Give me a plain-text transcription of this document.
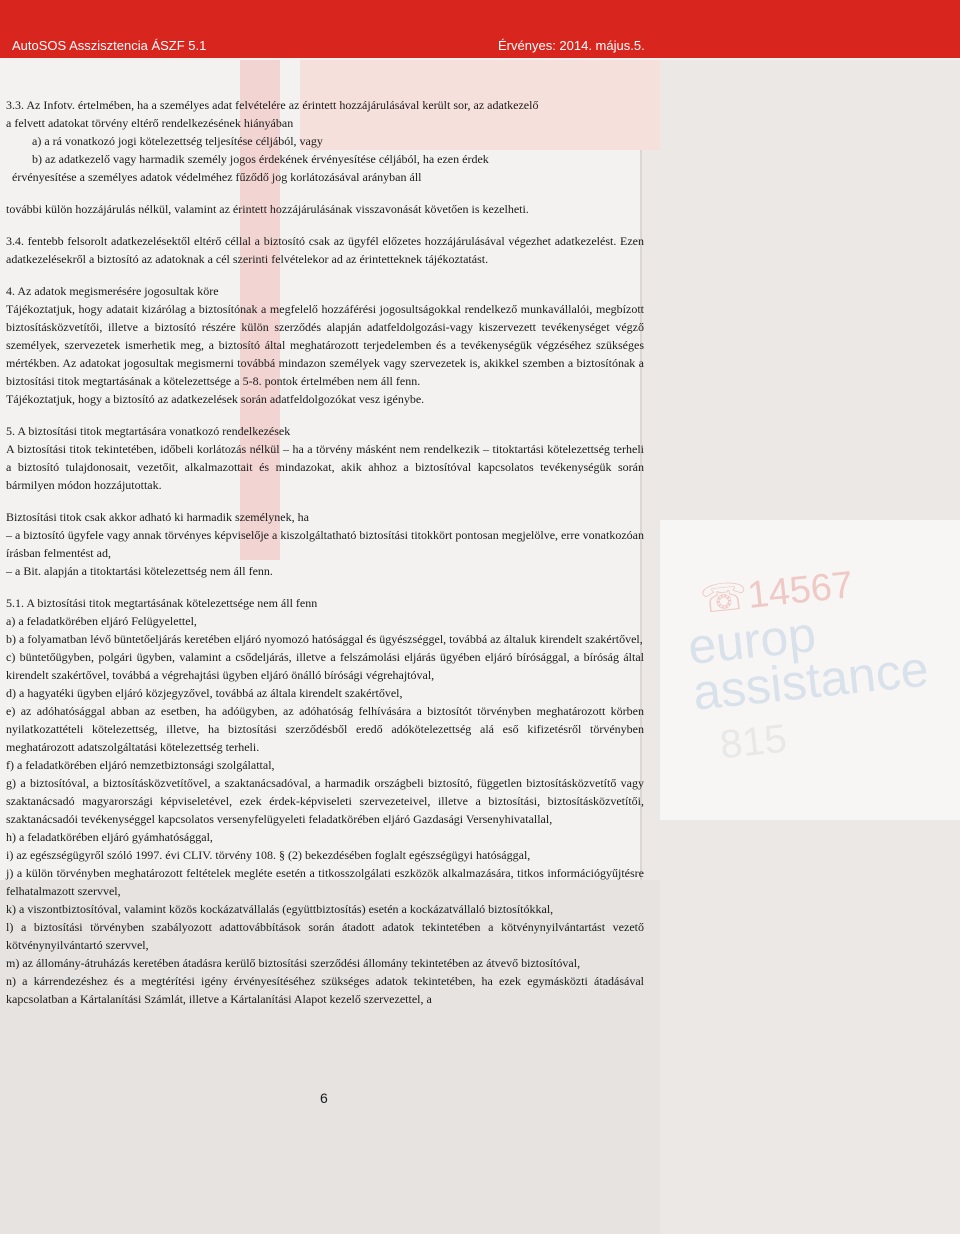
☏14567
europ assistance
815
AutoSOS Asszisztencia ÁSZF 5.1	Érvényes: 2014. május.5.

3.3. Az Infotv. értelmében, ha a személyes adat felvételére az érintett hozzájárulásával került sor, az adatkezelő

a felvett adatokat törvény eltérő rendelkezésének hiányában

a) a rá vonatkozó jogi kötelezettség teljesítése céljából, vagy

b) az adatkezelő vagy harmadik személy jogos érdekének érvényesítése céljából, ha ezen érdek

érvényesítése a személyes adatok védelméhez fűződő jog korlátozásával arányban áll

további külön hozzájárulás nélkül, valamint az érintett hozzájárulásának visszavonását követően is kezelheti.

3.4. fentebb felsorolt adatkezelésektől eltérő céllal a biztosító csak az ügyfél előzetes hozzájárulásával végezhet adatkezelést. Ezen adatkezelésekről a biztosító az adatoknak a cél szerinti felvételekor ad az érintetteknek tájékoztatást.

4. Az adatok megismerésére jogosultak köre

Tájékoztatjuk, hogy adatait kizárólag a biztosítónak a megfelelő hozzáférési jogosultságokkal rendelkező munkavállalói, megbízott biztosításközvetítői, illetve a biztosító részére külön szerződés alapján adatfeldolgozási-vagy kiszervezett tevékenységet végző személyek, szervezetek ismerhetik meg, a biztosító által meghatározott terjedelemben és a tevékenységük végzéséhez szükséges mértékben. Az adatokat jogosultak megismerni továbbá mindazon személyek vagy szervezetek is, akikkel szemben a biztosítónak a biztosítási titok megtartásának a kötelezettsége a 5-8. pontok értelmében nem áll fenn.

Tájékoztatjuk, hogy a biztosító az adatkezelések során adatfeldolgozókat vesz igénybe.

5. A biztosítási titok megtartására vonatkozó rendelkezések

A biztosítási titok tekintetében, időbeli korlátozás nélkül – ha a törvény másként nem rendelkezik – titoktartási kötelezettség terheli a biztosító tulajdonosait, vezetőit, alkalmazottait és mindazokat, akik ahhoz a biztosítóval kapcsolatos tevékenységük során bármilyen módon hozzájutottak.

Biztosítási titok csak akkor adható ki harmadik személynek, ha

– a biztosító ügyfele vagy annak törvényes képviselője a kiszolgáltatható biztosítási titokkört pontosan megjelölve, erre vonatkozóan írásban felmentést ad,

– a Bit. alapján a titoktartási kötelezettség nem áll fenn.

5.1. A biztosítási titok megtartásának kötelezettsége nem áll fenn

a) a feladatkörében eljáró Felügyelettel,

b) a folyamatban lévő büntetőeljárás keretében eljáró nyomozó hatósággal és ügyészséggel, továbbá az általuk kirendelt szakértővel,

c) büntetőügyben, polgári ügyben, valamint a csődeljárás, illetve a felszámolási eljárás ügyében eljáró bírósággal, a bíróság által kirendelt szakértővel, továbbá a végrehajtási ügyben eljáró önálló bírósági végrehajtóval,

d) a hagyatéki ügyben eljáró közjegyzővel, továbbá az általa kirendelt szakértővel,

e) az adóhatósággal abban az esetben, ha adóügyben, az adóhatóság felhívására a biztosítót törvényben meghatározott körben nyilatkozattételi kötelezettség, illetve, ha biztosítási szerződésből eredő adókötelezettség alá eső kifizetésről törvényben meghatározott adatszolgáltatási kötelezettség terheli.

f) a feladatkörében eljáró nemzetbiztonsági szolgálattal,

g) a biztosítóval, a biztosításközvetítővel, a szaktanácsadóval, a harmadik országbeli biztosító, független biztosításközvetítő vagy szaktanácsadó magyarországi képviseletével, ezek érdek-képviseleti szervezeteivel, illetve a biztosítási, biztosításközvetítői, szaktanácsadói tevékenységgel kapcsolatos versenyfelügyeleti feladatkörében eljáró Gazdasági Versenyhivatallal,

h) a feladatkörében eljáró gyámhatósággal,

i) az egészségügyről szóló 1997. évi CLIV. törvény 108. § (2) bekezdésében foglalt egészségügyi hatósággal,

j) a külön törvényben meghatározott feltételek megléte esetén a titkosszolgálati eszközök alkalmazására, titkos információgyűjtésre felhatalmazott szervvel,

k) a viszontbiztosítóval, valamint közös kockázatvállalás (együttbiztosítás) esetén a kockázatvállaló biztosítókkal,

l) a biztosítási törvényben szabályozott adattovábbítások során átadott adatok tekintetében a kötvénynyilvántartást vezető kötvénynyilvántartó szervvel,

m) az állomány-átruházás keretében átadásra kerülő biztosítási szerződési állomány tekintetében az átvevő biztosítóval,

n) a kárrendezéshez és a megtérítési igény érvényesítéséhez szükséges adatok tekintetében, ha ezek egymásközti átadásával kapcsolatban a Kártalanítási Számlát, illetve a Kártalanítási Alapot kezelő szervezettel, a

6
